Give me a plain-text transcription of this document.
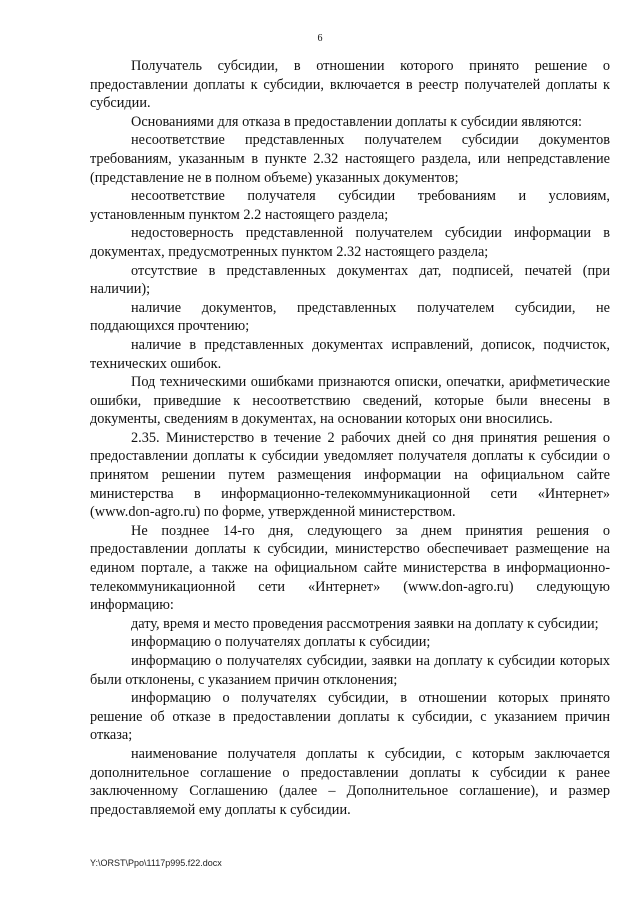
6

Получатель субсидии, в отношении которого принято решение о предоставлении доплаты к субсидии, включается в реестр получателей доплаты к субсидии.

Основаниями для отказа в предоставлении доплаты к субсидии являются:

несоответствие представленных получателем субсидии документов требованиям, указанным в пункте 2.32 настоящего раздела, или непредставление (представление не в полном объеме) указанных документов;

несоответствие получателя субсидии требованиям и условиям, установленным пунктом 2.2 настоящего раздела;

недостоверность представленной получателем субсидии информации в документах, предусмотренных пунктом 2.32 настоящего раздела;

отсутствие в представленных документах дат, подписей, печатей (при наличии);

наличие документов, представленных получателем субсидии, не поддающихся прочтению;

наличие в представленных документах исправлений, дописок, подчисток, технических ошибок.

Под техническими ошибками признаются описки, опечатки, арифметические ошибки, приведшие к несоответствию сведений, которые были внесены в документы, сведениям в документах, на основании которых они вносились.

2.35. Министерство в течение 2 рабочих дней со дня принятия решения о предоставлении доплаты к субсидии уведомляет получателя доплаты к субсидии о принятом решении путем размещения информации на официальном сайте министерства в информационно-телекоммуникационной сети «Интернет» (www.don-agro.ru) по форме, утвержденной министерством.

Не позднее 14-го дня, следующего за днем принятия решения о предоставлении доплаты к субсидии, министерство обеспечивает размещение на едином портале, а также на официальном сайте министерства в информационно-телекоммуникационной сети «Интернет» (www.don-agro.ru) следующую информацию:

дату, время и место проведения рассмотрения заявки на доплату к субсидии;

информацию о получателях доплаты к субсидии;

информацию о получателях субсидии, заявки на доплату к субсидии которых были отклонены, с указанием причин отклонения;

информацию о получателях субсидии, в отношении которых принято решение об отказе в предоставлении доплаты к субсидии, с указанием причин отказа;

наименование получателя доплаты к субсидии, с которым заключается дополнительное соглашение о предоставлении доплаты к субсидии к ранее заключенному Соглашению (далее – Дополнительное соглашение), и размер предоставляемой ему доплаты к субсидии.

Y:\ORST\Ppo\1117p995.f22.docx
